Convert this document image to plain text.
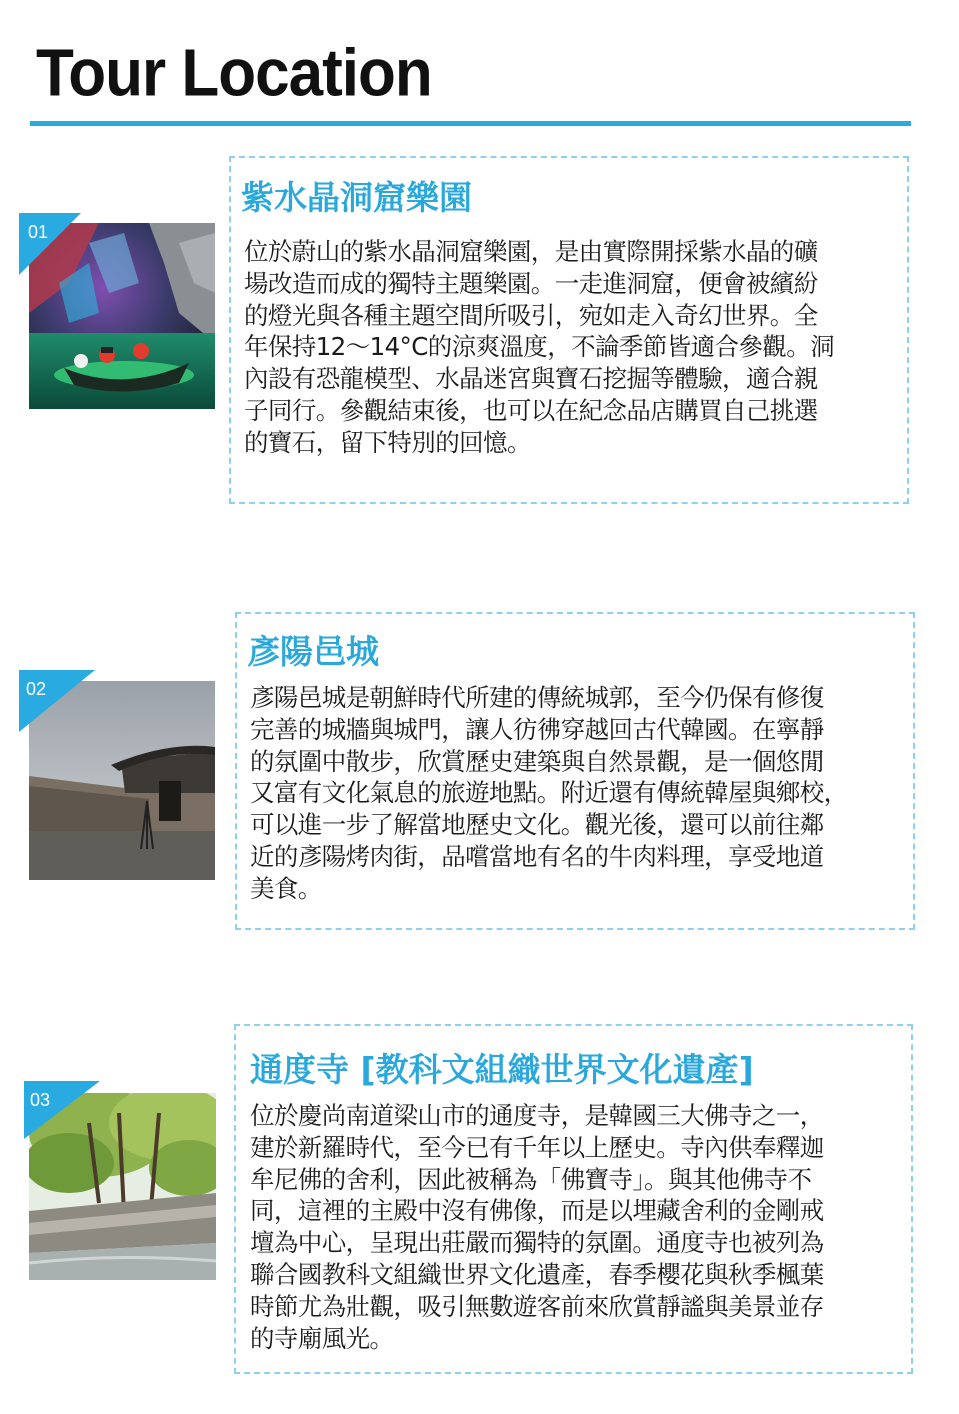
Tour Location
紫水晶洞窟樂園
位於蔚山的紫水晶洞窟樂園，是由實際開採紫水晶的礦
場改造而成的獨特主題樂園。一走進洞窟，便會被繽紛
的燈光與各種主題空間所吸引，宛如走入奇幻世界。全
年保持12～14°C的涼爽溫度，不論季節皆適合參觀。洞
內設有恐龍模型、水晶迷宮與寶石挖掘等體驗，適合親
子同行。參觀結束後，也可以在紀念品店購買自己挑選
的寶石，留下特別的回憶。
01
彥陽邑城
彥陽邑城是朝鮮時代所建的傳統城郭，至今仍保有修復
完善的城牆與城門，讓人彷彿穿越回古代韓國。在寧靜
的氛圍中散步，欣賞歷史建築與自然景觀，是一個悠閒
又富有文化氣息的旅遊地點。附近還有傳統韓屋與鄉校，
可以進一步了解當地歷史文化。觀光後，還可以前往鄰
近的彥陽烤肉街，品嚐當地有名的牛肉料理，享受地道
美食。
02
通度寺 [教科文組織世界文化遺產]
位於慶尚南道梁山市的通度寺，是韓國三大佛寺之一，
建於新羅時代，至今已有千年以上歷史。寺內供奉釋迦
牟尼佛的舍利，因此被稱為「佛寶寺」。與其他佛寺不
同，這裡的主殿中沒有佛像，而是以埋藏舍利的金剛戒
壇為中心，呈現出莊嚴而獨特的氛圍。通度寺也被列為
聯合國教科文組織世界文化遺產，春季櫻花與秋季楓葉
時節尤為壯觀，吸引無數遊客前來欣賞靜謐與美景並存
的寺廟風光。
03
